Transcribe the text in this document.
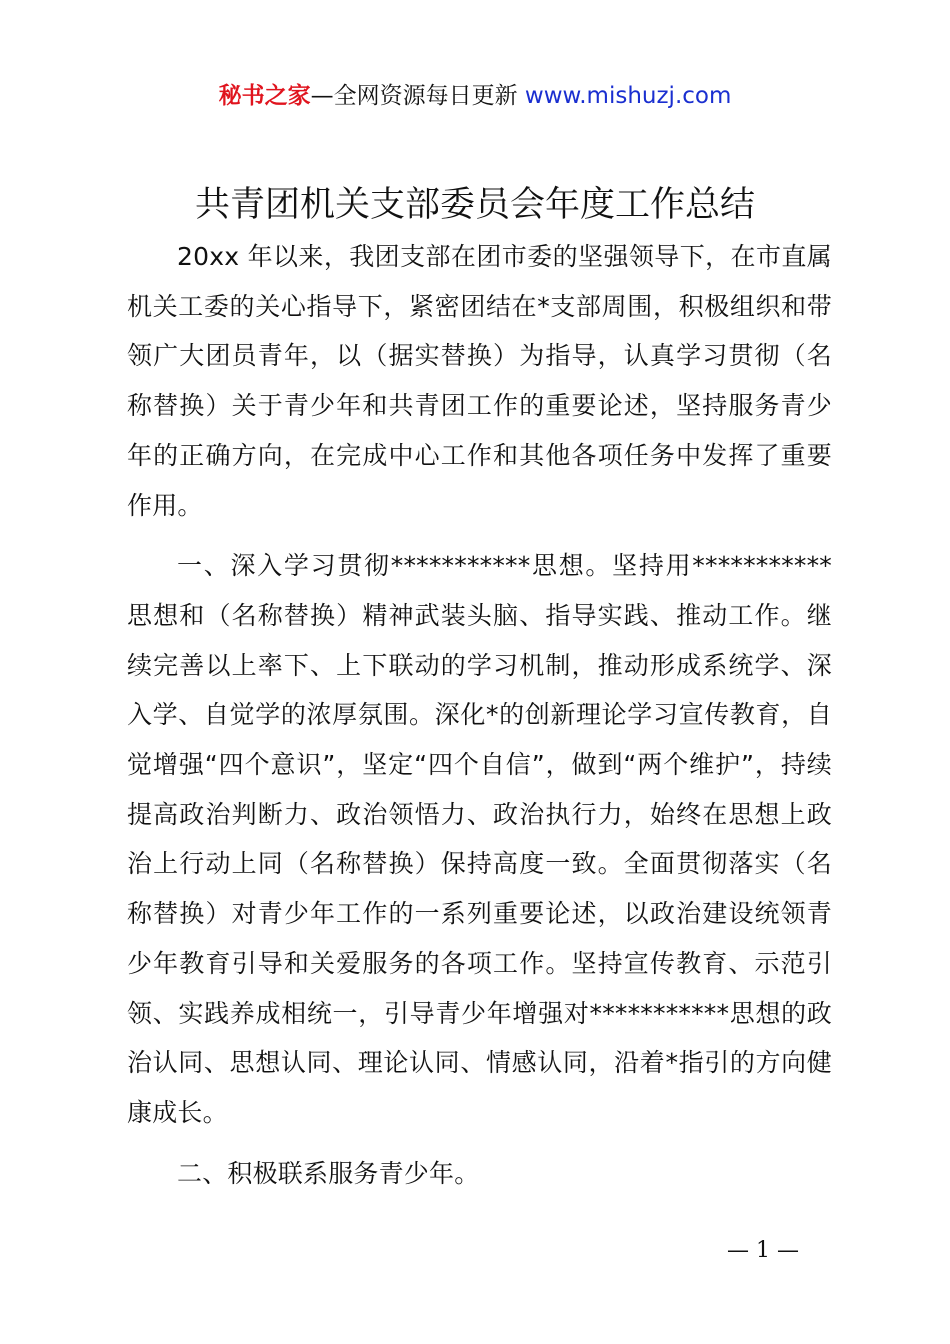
秘书之家—全网资源每日更新 www.mishuzj.com
共青团机关支部委员会年度工作总结

20xx 年以来，我团支部在团市委的坚强领导下，在市直属机关工委的关心指导下，紧密团结在*支部周围，积极组织和带领广大团员青年，以（据实替换）为指导，认真学习贯彻（名称替换）关于青少年和共青团工作的重要论述，坚持服务青少年的正确方向，在完成中心工作和其他各项任务中发挥了重要作用。

一、深入学习贯彻***********思想。坚持用***********思想和（名称替换）精神武装头脑、指导实践、推动工作。继续完善以上率下、上下联动的学习机制，推动形成系统学、深入学、自觉学的浓厚氛围。深化*的创新理论学习宣传教育，自觉增强“四个意识”，坚定“四个自信”，做到“两个维护”，持续提高政治判断力、政治领悟力、政治执行力，始终在思想上政治上行动上同（名称替换）保持高度一致。全面贯彻落实（名称替换）对青少年工作的一系列重要论述，以政治建设统领青少年教育引导和关爱服务的各项工作。坚持宣传教育、示范引领、实践养成相统一，引导青少年增强对***********思想的政治认同、思想认同、理论认同、情感认同，沿着*指引的方向健康成长。

二、积极联系服务青少年。

— 1 —
